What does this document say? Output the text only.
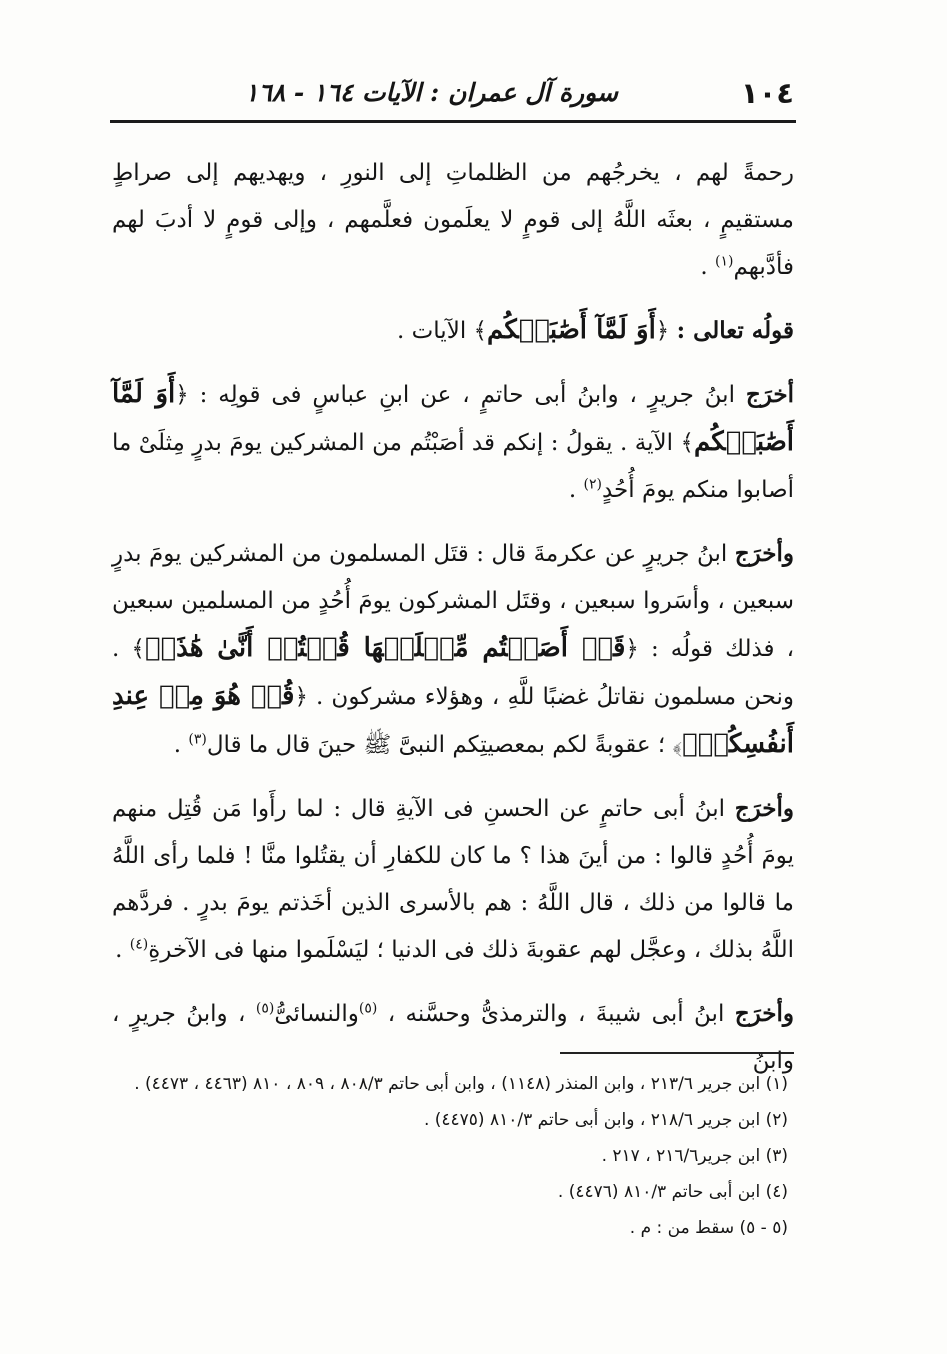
١٠٤
سورة آل عمران : الآيات ١٦٤ - ١٦٨

رحمةً لهم ، يخرجُهم من الظلماتِ إلى النورِ ، ويهديهم إلى صراطٍ مستقيمٍ ، بعثَه اللَّهُ إلى قومٍ لا يعلَمون فعلَّمهم ، وإلى قومٍ لا أدبَ لهم فأدَّبهم$^{(١)}$ .

قولُه تعالى : ﴿أَوَ لَمَّآ أَصَٰبَتۡكُم﴾ الآيات .

أخرَج ابنُ جريرٍ ، وابنُ أبى حاتمٍ ، عن ابنِ عباسٍ فى قولِه : ﴿أَوَ لَمَّآ أَصَٰبَتۡكُم﴾ الآية . يقولُ : إنكم قد أصَبْتُم من المشركين يومَ بدرٍ مِثلَىْ ما أصابوا منكم يومَ أُحُدٍ$^{(٢)}$ .

وأخرَج ابنُ جريرٍ عن عكرمةَ قال : قتَل المسلمون من المشركين يومَ بدرٍ سبعين ، وأسَروا سبعين ، وقتَل المشركون يومَ أُحُدٍ من المسلمين سبعين ، فذلك قولُه : ﴿قَدۡ أَصَبۡتُم مِّثۡلَيۡهَا قُلۡتُمۡ أَنَّىٰ هَٰذَاۖ﴾ . ونحن مسلمون نقاتلُ غضبًا للَّهِ ، وهؤلاء مشركون . ﴿قُلۡ هُوَ مِنۡ عِندِ أَنفُسِكُمۡۗ﴾ ؛ عقوبةً لكم بمعصيتِكم النبىَّ ﷺ حينَ قال ما قال$^{(٣)}$ .

وأخرَج ابنُ أبى حاتمٍ عن الحسنِ فى الآيةِ قال : لما رأَوا مَن قُتِل منهم يومَ أُحُدٍ قالوا : من أينَ هذا ؟ ما كان للكفارِ أن يقتُلوا منَّا ! فلما رأى اللَّهُ ما قالوا من ذلك ، قال اللَّهُ : هم بالأسرى الذين أخَذتم يومَ بدرٍ . فردَّهم اللَّهُ بذلك ، وعجَّل لهم عقوبةَ ذلك فى الدنيا ؛ ليَسْلَموا منها فى الآخرةِ$^{(٤)}$ .

وأخرَج ابنُ أبى شيبةَ ، والترمذىُّ وحسَّنه ، $^{(٥)}$والنسائىُّ$^{(٥)}$ ، وابنُ جريرٍ ، وابنُ

(١) ابن جرير ٢١٣/٦ ، وابن المنذر (١١٤٨) ، وابن أبى حاتم ٨٠٨/٣ ، ٨٠٩ ، ٨١٠ (٤٤٦٣ ، ٤٤٧٣) .

(٢) ابن جرير ٢١٨/٦ ، وابن أبى حاتم ٨١٠/٣ (٤٤٧٥) .

(٣) ابن جرير٢١٦/٦ ، ٢١٧ .

(٤) ابن أبى حاتم ٨١٠/٣ (٤٤٧٦) .

(٥ - ٥) سقط من : م .
